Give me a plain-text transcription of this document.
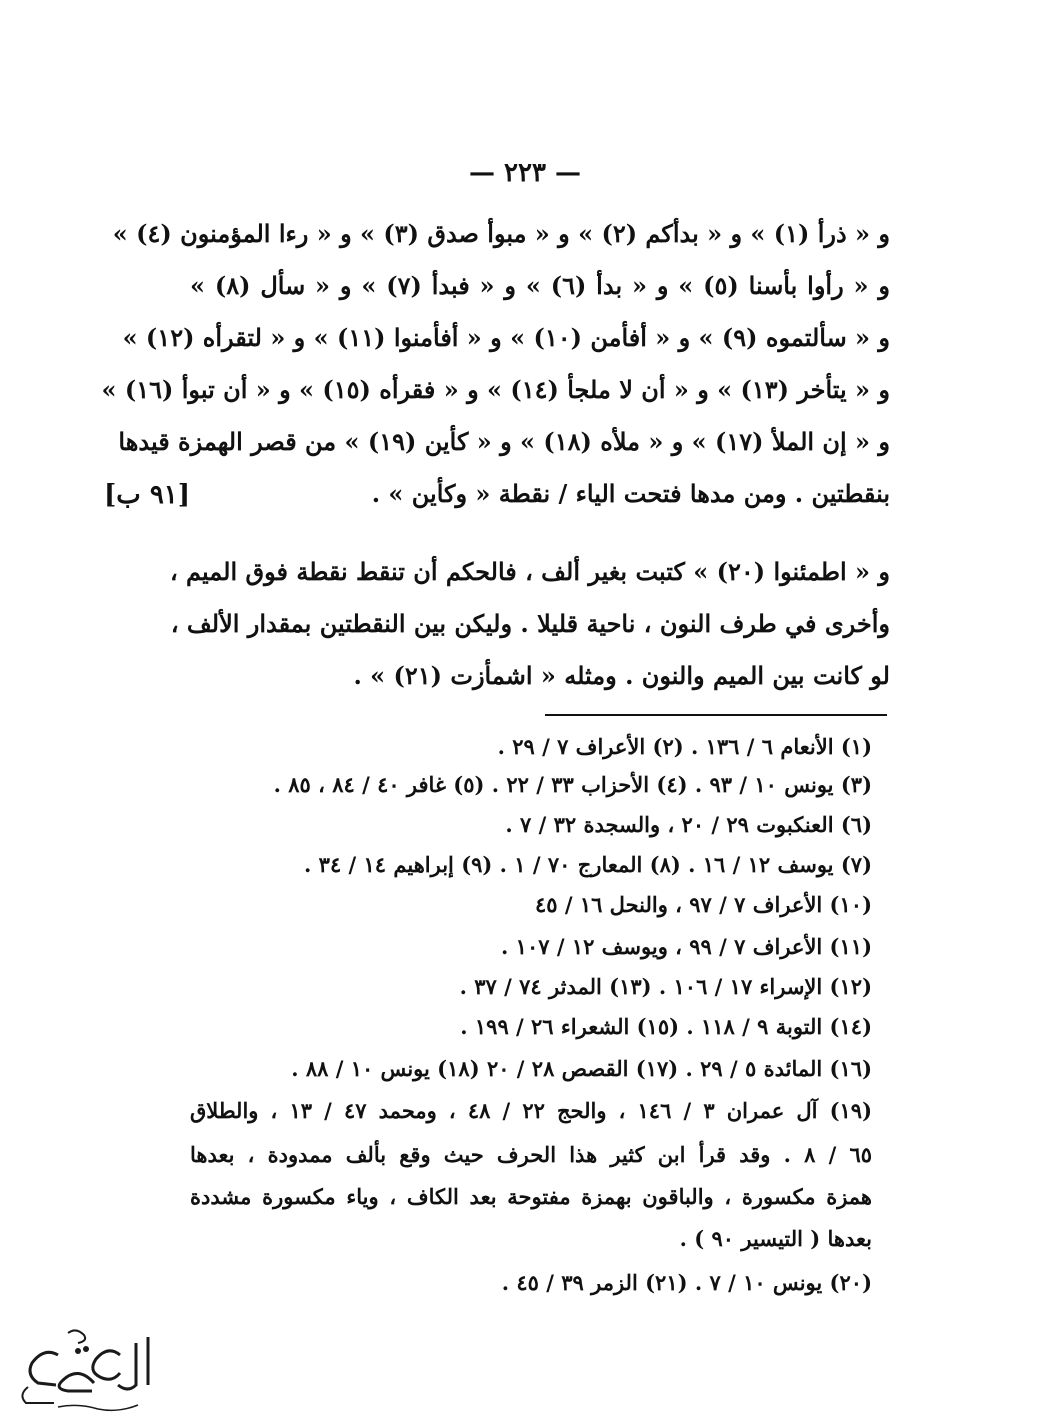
— ٢٢٣ —
و « ذرأ (١) » و « بدأكم (٢) » و « مبوأ صدق (٣) » و « رءا المؤمنون (٤) »
و « رأوا بأسنا (٥) » و « بدأ (٦) » و « فبدأ (٧) » و « سأل (٨) »
و « سألتموه (٩) » و « أفأمن (١٠) » و « أفأمنوا (١١) » و « لتقرأه (١٢) »
و « يتأخر (١٣) » و « أن لا ملجأ (١٤) » و « فقرأه (١٥) » و « أن تبوأ (١٦) »
و « إن الملأ (١٧) » و « ملأه (١٨) » و « كأين (١٩) » من قصر الهمزة قيدها
بنقطتين . ومن مدها فتحت الياء / نقطة « وكأين » .
و « اطمئنوا (٢٠) » كتبت بغير ألف ، فالحكم أن تنقط نقطة فوق الميم ،
وأخرى في طرف النون ، ناحية قليلا . وليكن بين النقطتين بمقدار الألف ،
لو كانت بين الميم والنون . ومثله « اشمأزت (٢١) » .
[٩١ ب]
(١) الأنعام ٦ / ١٣٦ . (٢) الأعراف ٧ / ٢٩ .
(٣) يونس ١٠ / ٩٣ . (٤) الأحزاب ٣٣ / ٢٢ . (٥) غافر ٤٠ / ٨٤ ، ٨٥ .
(٦) العنكبوت ٢٩ / ٢٠ ، والسجدة ٣٢ / ٧ .
(٧) يوسف ١٢ / ١٦ . (٨) المعارج ٧٠ / ١ . (٩) إبراهيم ١٤ / ٣٤ .
(١٠) الأعراف ٧ / ٩٧ ، والنحل ١٦ / ٤٥
(١١) الأعراف ٧ / ٩٩ ، ويوسف ١٢ / ١٠٧ .
(١٢) الإسراء ١٧ / ١٠٦ . (١٣) المدثر ٧٤ / ٣٧ .
(١٤) التوبة ٩ / ١١٨ . (١٥) الشعراء ٢٦ / ١٩٩ .
(١٦) المائدة ٥ / ٢٩ . (١٧) القصص ٢٨ / ٢٠ (١٨) يونس ١٠ / ٨٨ .
(١٩) آل عمران ٣ / ١٤٦ ، والحج ٢٢ / ٤٨ ، ومحمد ٤٧ / ١٣ ، والطلاق
٦٥ / ٨ . وقد قرأ ابن كثير هذا الحرف حيث وقع بألف ممدودة ، بعدها
همزة مكسورة ، والباقون بهمزة مفتوحة بعد الكاف ، وياء مكسورة مشددة
بعدها ( التيسير ٩٠ ) .
(٢٠) يونس ١٠ / ٧ . (٢١) الزمر ٣٩ / ٤٥ .
